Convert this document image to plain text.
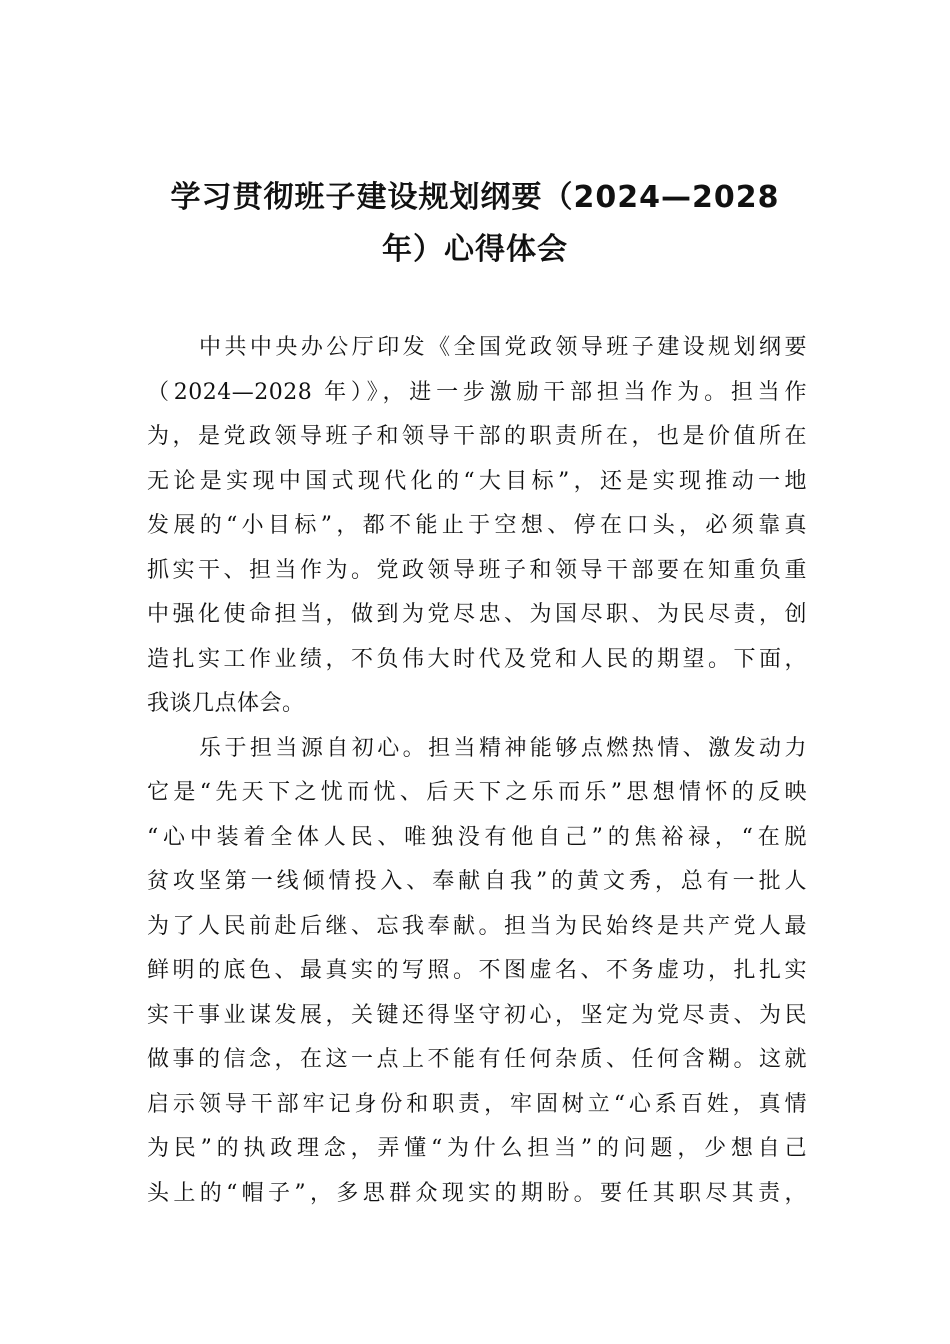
学习贯彻班子建设规划纲要（2024—2028
年）心得体会
中共中央办公厅印发《全国党政领导班子建设规划纲要
（2024—2028 年）》，进一步激励干部担当作为。担当作
为，是党政领导班子和领导干部的职责所在，也是价值所在
无论是实现中国式现代化的“大目标”，还是实现推动一地
发展的“小目标”，都不能止于空想、停在口头，必须靠真
抓实干、担当作为。党政领导班子和领导干部要在知重负重
中强化使命担当，做到为党尽忠、为国尽职、为民尽责，创
造扎实工作业绩，不负伟大时代及党和人民的期望。下面，
我谈几点体会。
乐于担当源自初心。担当精神能够点燃热情、激发动力
它是“先天下之忧而忧、后天下之乐而乐”思想情怀的反映
“心中装着全体人民、唯独没有他自己”的焦裕禄，“在脱
贫攻坚第一线倾情投入、奉献自我”的黄文秀，总有一批人
为了人民前赴后继、忘我奉献。担当为民始终是共产党人最
鲜明的底色、最真实的写照。不图虚名、不务虚功，扎扎实
实干事业谋发展，关键还得坚守初心，坚定为党尽责、为民
做事的信念，在这一点上不能有任何杂质、任何含糊。这就
启示领导干部牢记身份和职责，牢固树立“心系百姓，真情
为民”的执政理念，弄懂“为什么担当”的问题，少想自己
头上的“帽子”，多思群众现实的期盼。要任其职尽其责，
